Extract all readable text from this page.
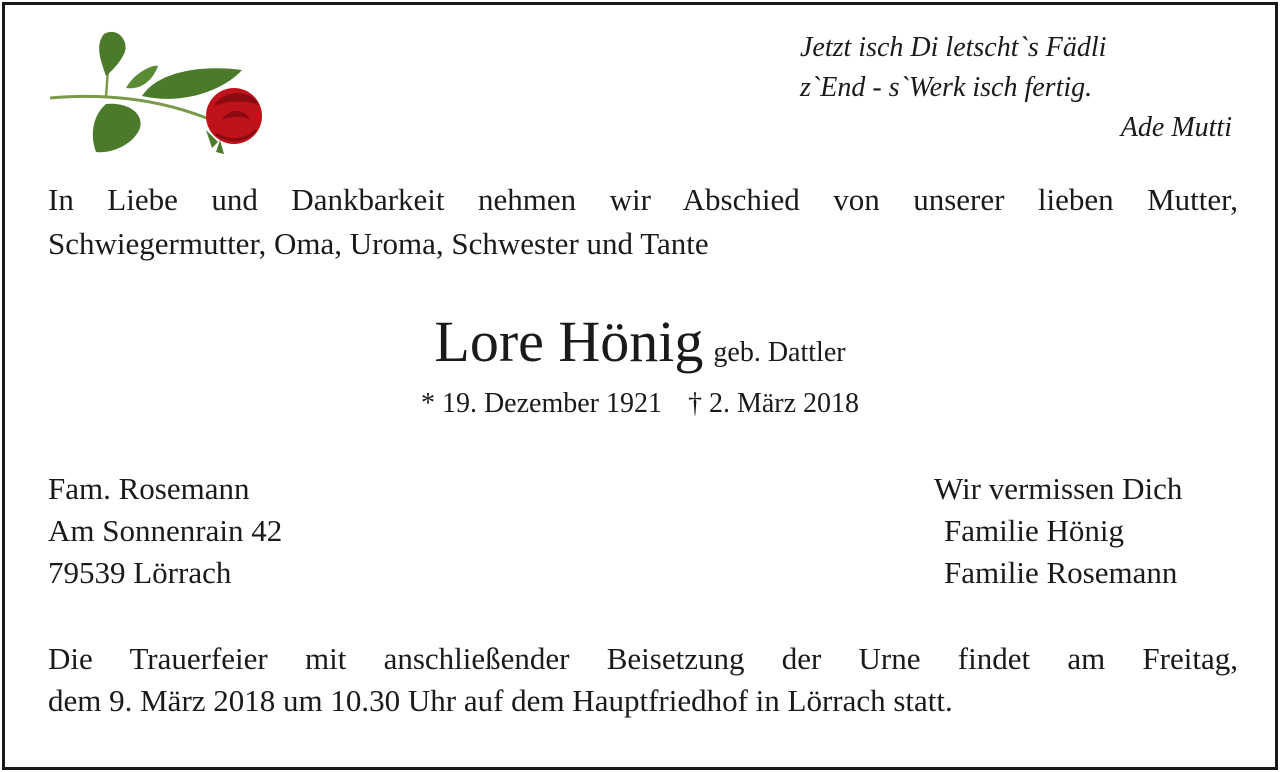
Jetzt isch Di letscht`s Fädli
z`End - s`Werk isch fertig.
Ade Mutti
In Liebe und Dankbarkeit nehmen wir Abschied von unserer lieben Mutter,
Schwiegermutter, Oma, Uroma, Schwester und Tante
Lore Hönig geb. Dattler
* 19. Dezember 1921 † 2. März 2018
Fam. Rosemann
Am Sonnenrain 42
79539 Lörrach
Wir vermissen Dich
Familie Hönig
Familie Rosemann
Die Trauerfeier mit anschließender Beisetzung der Urne findet am Freitag,
dem 9. März 2018 um 10.30 Uhr auf dem Hauptfriedhof in Lörrach statt.
